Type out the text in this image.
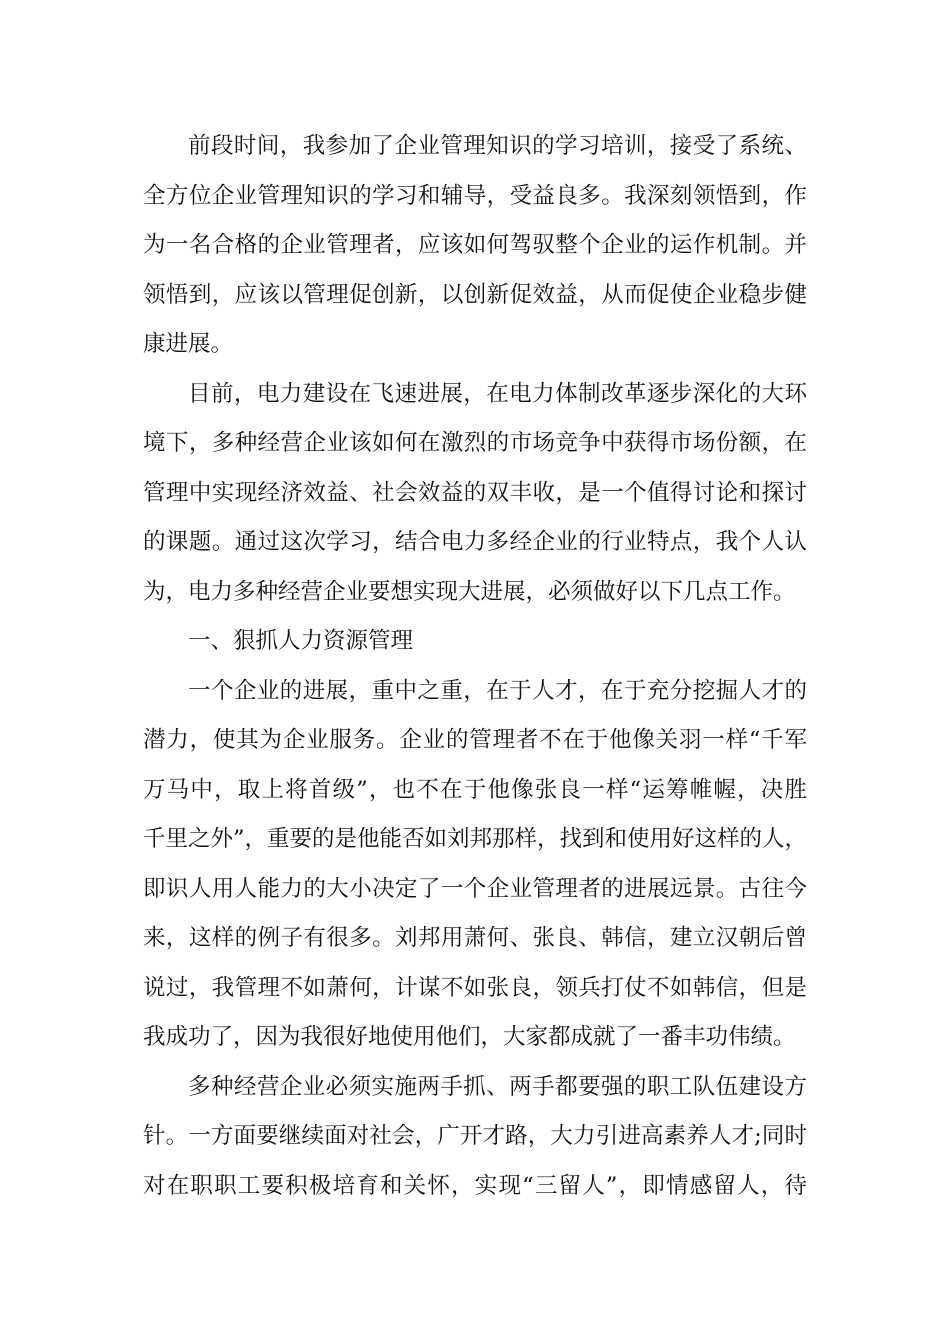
前段时间，我参加了企业管理知识的学习培训，接受了系统、
全方位企业管理知识的学习和辅导，受益良多。我深刻领悟到，作
为一名合格的企业管理者，应该如何驾驭整个企业的运作机制。并
领悟到，应该以管理促创新，以创新促效益，从而促使企业稳步健
康进展。
目前，电力建设在飞速进展，在电力体制改革逐步深化的大环
境下，多种经营企业该如何在激烈的市场竞争中获得市场份额，在
管理中实现经济效益、社会效益的双丰收，是一个值得讨论和探讨
的课题。通过这次学习，结合电力多经企业的行业特点，我个人认
为，电力多种经营企业要想实现大进展，必须做好以下几点工作。
一、狠抓人力资源管理
一个企业的进展，重中之重，在于人才，在于充分挖掘人才的
潜力，使其为企业服务。企业的管理者不在于他像关羽一样“千军
万马中，取上将首级”，也不在于他像张良一样“运筹帷幄，决胜
千里之外”，重要的是他能否如刘邦那样，找到和使用好这样的人，
即识人用人能力的大小决定了一个企业管理者的进展远景。古往今
来，这样的例子有很多。刘邦用萧何、张良、韩信，建立汉朝后曾
说过，我管理不如萧何，计谋不如张良，领兵打仗不如韩信，但是
我成功了，因为我很好地使用他们，大家都成就了一番丰功伟绩。
多种经营企业必须实施两手抓、两手都要强的职工队伍建设方
针。一方面要继续面对社会，广开才路，大力引进高素养人才;同时
对在职职工要积极培育和关怀，实现“三留人”，即情感留人，待
